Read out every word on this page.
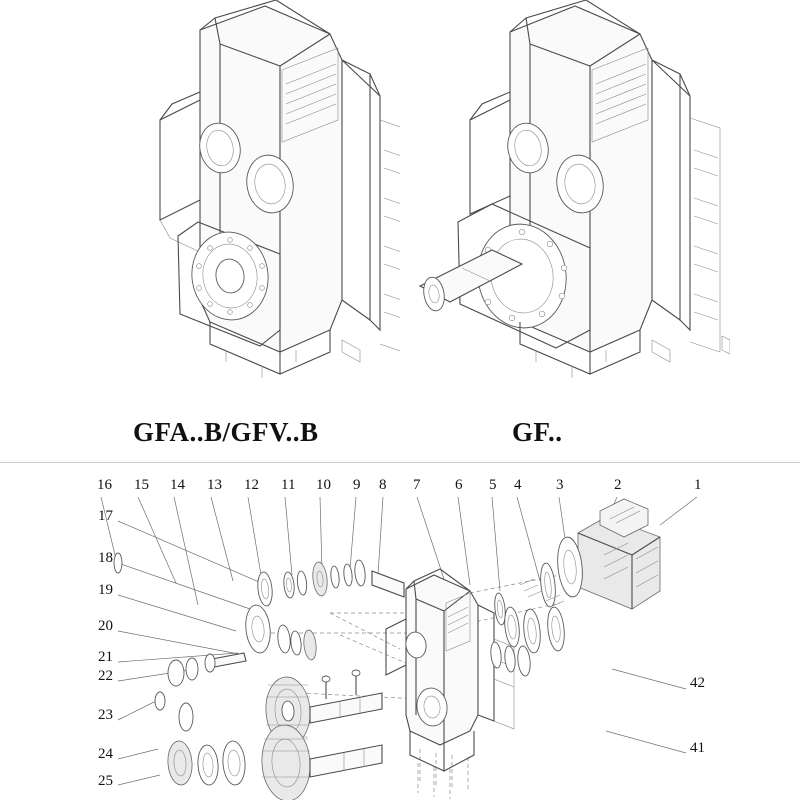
GFA..B/GFV..B	GF..
16 15 14 13 12 11 10 9 8 7 6 5 4 3	2	1
17
18
19
20
21
22
23
24
25
42
41
